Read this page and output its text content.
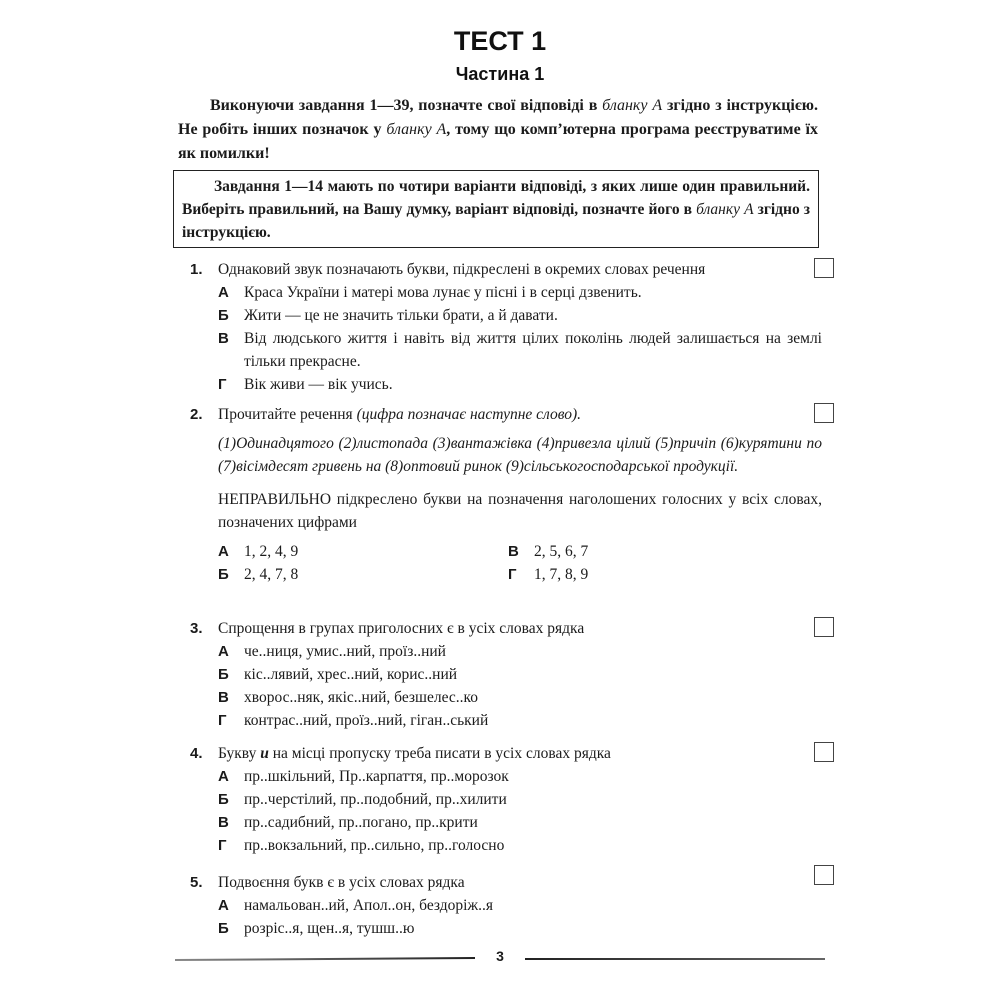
ТЕСТ 1
Частина 1
Виконуючи завдання 1—39, позначте свої відповіді в бланку А згідно з інструкцією. Не робіть інших позначок у бланку А, тому що комп’ютерна програма реєструватиме їх як помилки!
Завдання 1—14 мають по чотири варіанти відповіді, з яких лише один правильний. Виберіть правильний, на Вашу думку, варіант відповіді, позначте його в бланку А згідно з інструкцією.
1. Однаковий звук позначають букви, підкреслені в окремих словах речення
А Краса України і матері мова лунає у пісні і в серці дзвенить.
Б Жити — це не значить тільки брати, а й давати.
В Від людського життя і навіть від життя цілих поколінь людей залишається на землі тільки прекрасне.
Г Вік живи — вік учись.
2. Прочитайте речення (цифра позначає наступне слово).
(1)Одинадцятого (2)листопада (3)вантажівка (4)привезла цілий (5)причіп (6)курятини по (7)вісімдесят гривень на (8)оптовий ринок (9)сільськогосподарської продукції.
НЕПРАВИЛЬНО підкреслено букви на позначення наголошених голосних у всіх словах, позначених цифрами
А 1, 2, 4, 9	В 2, 5, 6, 7
Б 2, 4, 7, 8	Г 1, 7, 8, 9
3. Спрощення в групах приголосних є в усіх словах рядка
А че..ниця, умис..ний, проїз..ний
Б кіс..лявий, хрес..ний, корис..ний
В хворос..няк, якіс..ний, безшелес..ко
Г контрас..ний, проїз..ний, гіган..ський
4. Букву и на місці пропуску треба писати в усіх словах рядка
А пр..шкільний, Пр..карпаття, пр..морозок
Б пр..черстілий, пр..подобний, пр..хилити
В пр..садибний, пр..погано, пр..крити
Г пр..вокзальний, пр..сильно, пр..голосно
5. Подвоєння букв є в усіх словах рядка
А намальован..ий, Апол..он, бездоріж..я
Б розріс..я, щен..я, тушш..ю
3
